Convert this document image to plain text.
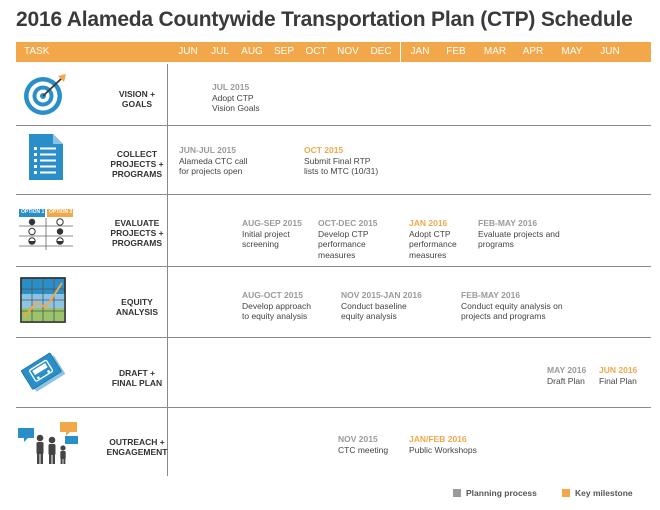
2016 Alameda Countywide Transportation Plan (CTP) Schedule
TASK	JUN JUL AUG SEP OCT NOV DEC JAN FEB MAR APR MAY JUN
VISION +
GOALS
COLLECT
PROJECTS +
PROGRAMS
OPTION 1 OPTION 2
EVALUATE
PROJECTS +
PROGRAMS
EQUITY
ANALYSIS
DRAFT +
FINAL PLAN
OUTREACH +
ENGAGEMENT
JUL 2015
Adopt CTP
Vision Goals
JUN-JUL 2015
Alameda CTC call
for projects open
OCT 2015
Submit Final RTP
lists to MTC (10/31)
AUG-SEP 2015
Initial project
screening
OCT-DEC 2015
Develop CTP
performance
measures
JAN 2016
Adopt CTP
performance
measures
FEB-MAY 2016
Evaluate projects and
programs
AUG-OCT 2015
Develop approach
to equity analysis
NOV 2015-JAN 2016
Conduct baseline
equity analysis
FEB-MAY 2016
Conduct equity analysis on
projects and programs
MAY 2016
Draft Plan
JUN 2016
Final Plan
NOV 2015
CTC meeting
JAN/FEB 2016
Public Workshops
Planning process	Key milestone
